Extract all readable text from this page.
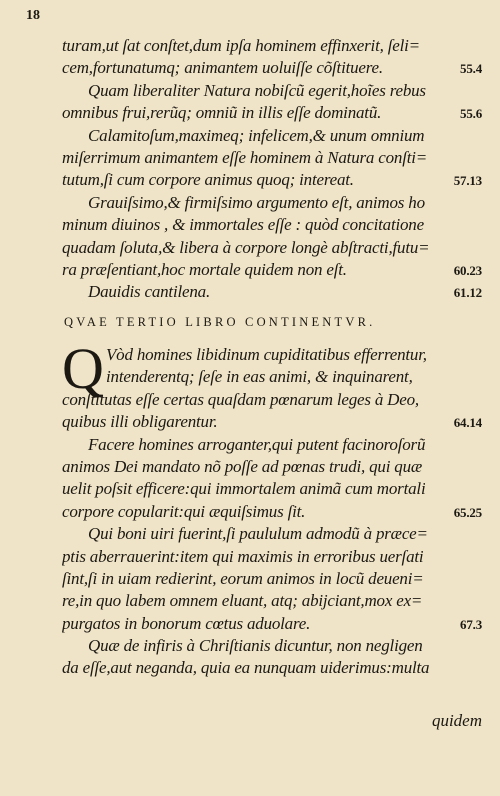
18
turam,ut ſat conſtet,dum ipſa hominem effinxerit, ſeli=
cem,fortunatumq; animantem uoluiſſe cõſtituere.	55.4
Quam liberaliter Natura nobiſcũ egerit,hoĩes rebus
omnibus frui,rerũq; omniũ in illis eſſe dominatũ.	55.6
Calamitoſum,maximeq; infelicem,& unum omnium
miſerrimum animantem eſſe hominem à Natura conſti=
tutum,ſi cum corpore animus quoq; intereat.	57.13
Grauiſsimo,& firmiſsimo argumento eſt, animos ho
minum diuinos , & immortales eſſe : quòd concitatione
quadam ſoluta,& libera à corpore longè abſtracti,futu=
ra præſentiant,hoc mortale quidem non eſt.	60.23
Dauidis cantilena.	61.12
QVAE TERTIO LIBRO CONTINENTVR.
Q Vòd homines libidinum cupiditatibus efferrentur,
intenderentq; ſeſe in eas animi, & inquinarent,
conſtitutas eſſe certas quaſdam pœnarum leges à Deo,
quibus illi obligarentur.	64.14
Facere homines arroganter,qui putent facinoroſorũ
animos Dei mandato nõ poſſe ad pœnas trudi, qui quæ
uelit poſsit efficere:qui immortalem animã cum mortali
corpore copularit:qui æquiſsimus ſit.	65.25
Qui boni uiri fuerint,ſi paululum admodũ à præce=
ptis aberrauerint:item qui maximis in erroribus uerſati
ſint,ſi in uiam redierint, eorum animos in locũ deueni=
re,in quo labem omnem eluant, atq; abijciant,mox ex=
purgatos in bonorum cœtus aduolare.	67.3
Quæ de infiris à Chriſtianis dicuntur, non negligen
da eſſe,aut neganda, quia ea nunquam uiderimus:multa
quidem
